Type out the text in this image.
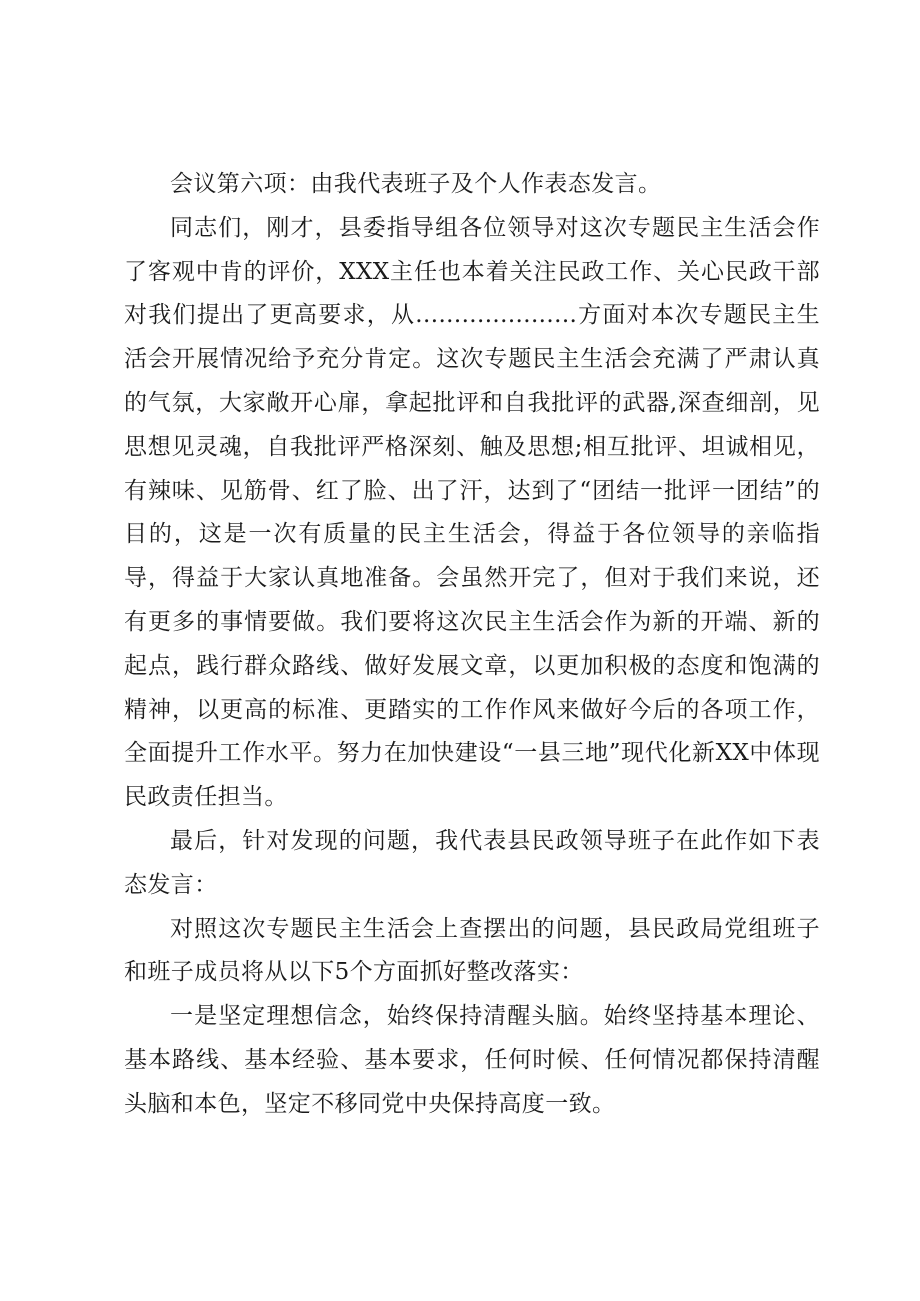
会议第六项：由我代表班子及个人作表态发言。

同志们，刚才，县委指导组各位领导对这次专题民主生活会作了客观中肯的评价，XXX主任也本着关注民政工作、关心民政干部对我们提出了更高要求，从.....................方面对本次专题民主生活会开展情况给予充分肯定。这次专题民主生活会充满了严肃认真的气氛，大家敞开心扉，拿起批评和自我批评的武器,深查细剖，见思想见灵魂，自我批评严格深刻、触及思想;相互批评、坦诚相见，有辣味、见筋骨、红了脸、出了汗，达到了“团结一批评一团结”的目的，这是一次有质量的民主生活会，得益于各位领导的亲临指导，得益于大家认真地准备。会虽然开完了，但对于我们来说，还有更多的事情要做。我们要将这次民主生活会作为新的开端、新的起点，践行群众路线、做好发展文章，以更加积极的态度和饱满的精神，以更高的标准、更踏实的工作作风来做好今后的各项工作，全面提升工作水平。努力在加快建设“一县三地”现代化新XX中体现民政责任担当。

最后，针对发现的问题，我代表县民政领导班子在此作如下表态发言：

对照这次专题民主生活会上查摆出的问题，县民政局党组班子和班子成员将从以下5个方面抓好整改落实：

一是坚定理想信念，始终保持清醒头脑。始终坚持基本理论、基本路线、基本经验、基本要求，任何时候、任何情况都保持清醒头脑和本色，坚定不移同党中央保持高度一致。
